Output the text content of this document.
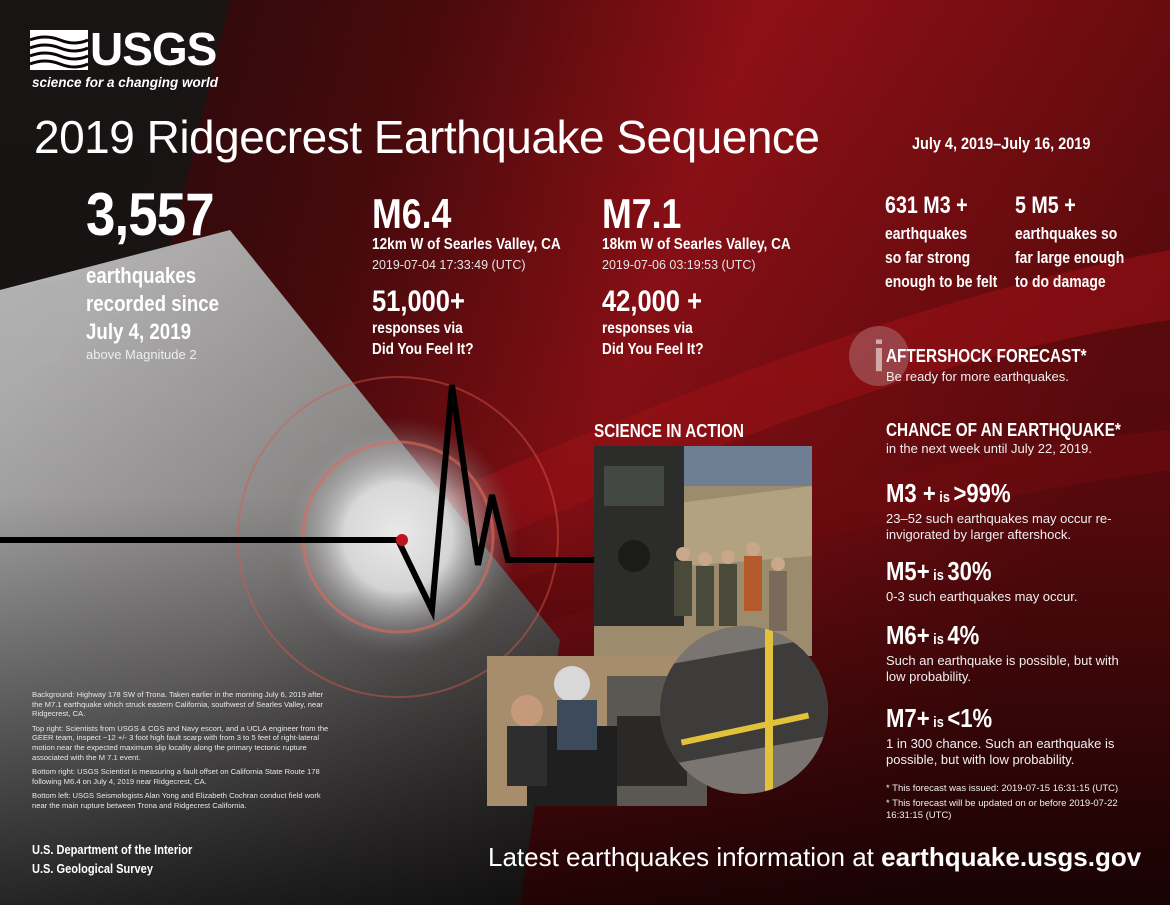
USGS
science for a changing world
2019 Ridgecrest Earthquake Sequence	July 4, 2019–July 16, 2019
3,557
earthquakes
recorded since
July 4, 2019
above Magnitude 2
M6.4
12km W of Searles Valley, CA
2019-07-04 17:33:49 (UTC)
51,000+
responses via
Did You Feel It?
M7.1
18km W of Searles Valley, CA
2019-07-06 03:19:53 (UTC)
42,000 +
responses via
Did You Feel It?
631 M3 +
earthquakes
so far strong
enough to be felt
5 M5 +
earthquakes so
far large enough
to do damage
i AFTERSHOCK FORECAST*
Be ready for more earthquakes.
CHANCE OF AN EARTHQUAKE*
in the next week until July 22, 2019.
M3 + is >99%
23–52 such earthquakes may occur re-invigorated by larger aftershock.
M5+ is 30%
0-3 such earthquakes may occur.
M6+ is 4%
Such an earthquake is possible, but with low probability.
M7+ is <1%
1 in 300 chance. Such an earthquake is possible, but with low probability.
* This forecast was issued: 2019-07-15 16:31:15 (UTC)
* This forecast will be updated on or before 2019-07-22 16:31:15 (UTC)
SCIENCE IN ACTION

Background: Highway 178 SW of Trona. Taken earlier in the morning July 6, 2019 after the M7.1 earthquake which struck eastern California, southwest of Searles Valley, near Ridgecrest, CA.

Top right: Scientists from USGS & CGS and Navy escort, and a UCLA engineer from the GEER team, inspect ~12 +/- 3 foot high fault scarp with from 3 to 5 feet of right-lateral motion near the expected maximum slip locality along the primary tectonic rupture associated with the M 7.1 event.

Bottom right: USGS Scientist is measuring a fault offset on California State Route 178 following M6.4 on July 4, 2019 near Ridgecrest, CA.

Bottom left: USGS Seismologists Alan Yong and Elizabeth Cochran conduct field work near the main rupture between Trona and Ridgecrest California.

U.S. Department of the Interior
U.S. Geological Survey	Latest earthquakes information at earthquake.usgs.gov
